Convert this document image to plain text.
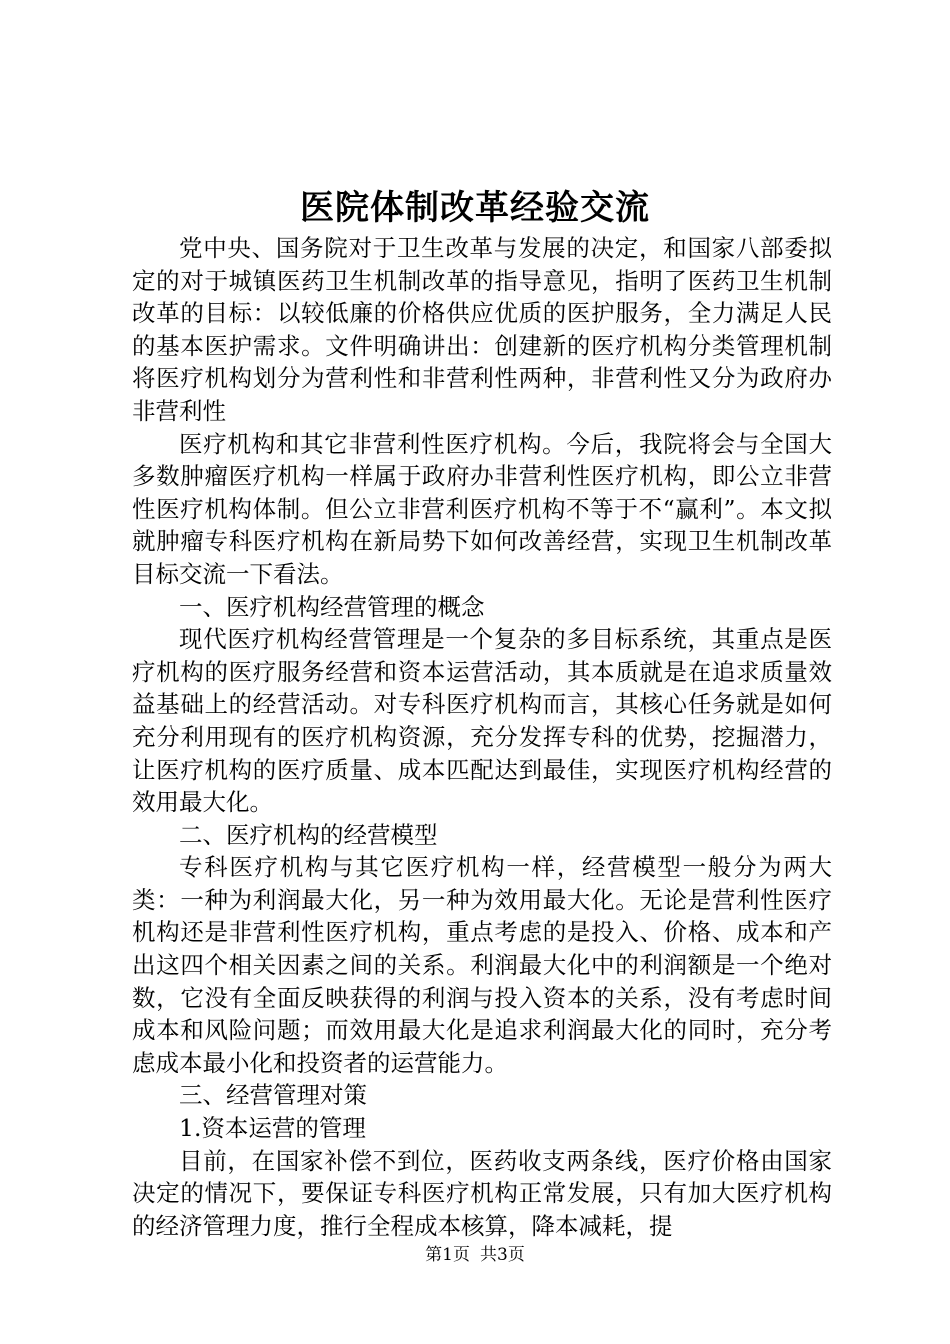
医院体制改革经验交流

党中央、国务院对于卫生改革与发展的决定，和国家八部委拟定的对于城镇医药卫生机制改革的指导意见，指明了医药卫生机制改革的目标：以较低廉的价格供应优质的医护服务，全力满足人民的基本医护需求。文件明确讲出：创建新的医疗机构分类管理机制将医疗机构划分为营利性和非营利性两种，非营利性又分为政府办非营利性

医疗机构和其它非营利性医疗机构。今后，我院将会与全国大多数肿瘤医疗机构一样属于政府办非营利性医疗机构，即公立非营性医疗机构体制。但公立非营利医疗机构不等于不“赢利”。本文拟就肿瘤专科医疗机构在新局势下如何改善经营，实现卫生机制改革目标交流一下看法。

一、医疗机构经营管理的概念

现代医疗机构经营管理是一个复杂的多目标系统，其重点是医疗机构的医疗服务经营和资本运营活动，其本质就是在追求质量效益基础上的经营活动。对专科医疗机构而言，其核心任务就是如何充分利用现有的医疗机构资源，充分发挥专科的优势，挖掘潜力，让医疗机构的医疗质量、成本匹配达到最佳，实现医疗机构经营的效用最大化。

二、医疗机构的经营模型

专科医疗机构与其它医疗机构一样，经营模型一般分为两大类：一种为利润最大化，另一种为效用最大化。无论是营利性医疗机构还是非营利性医疗机构，重点考虑的是投入、价格、成本和产出这四个相关因素之间的关系。利润最大化中的利润额是一个绝对数，它没有全面反映获得的利润与投入资本的关系，没有考虑时间成本和风险问题；而效用最大化是追求利润最大化的同时，充分考虑成本最小化和投资者的运营能力。

三、经营管理对策

1.资本运营的管理

目前，在国家补偿不到位，医药收支两条线，医疗价格由国家决定的情况下，要保证专科医疗机构正常发展，只有加大医疗机构的经济管理力度，推行全程成本核算，降本减耗，提

第1页 共3页
